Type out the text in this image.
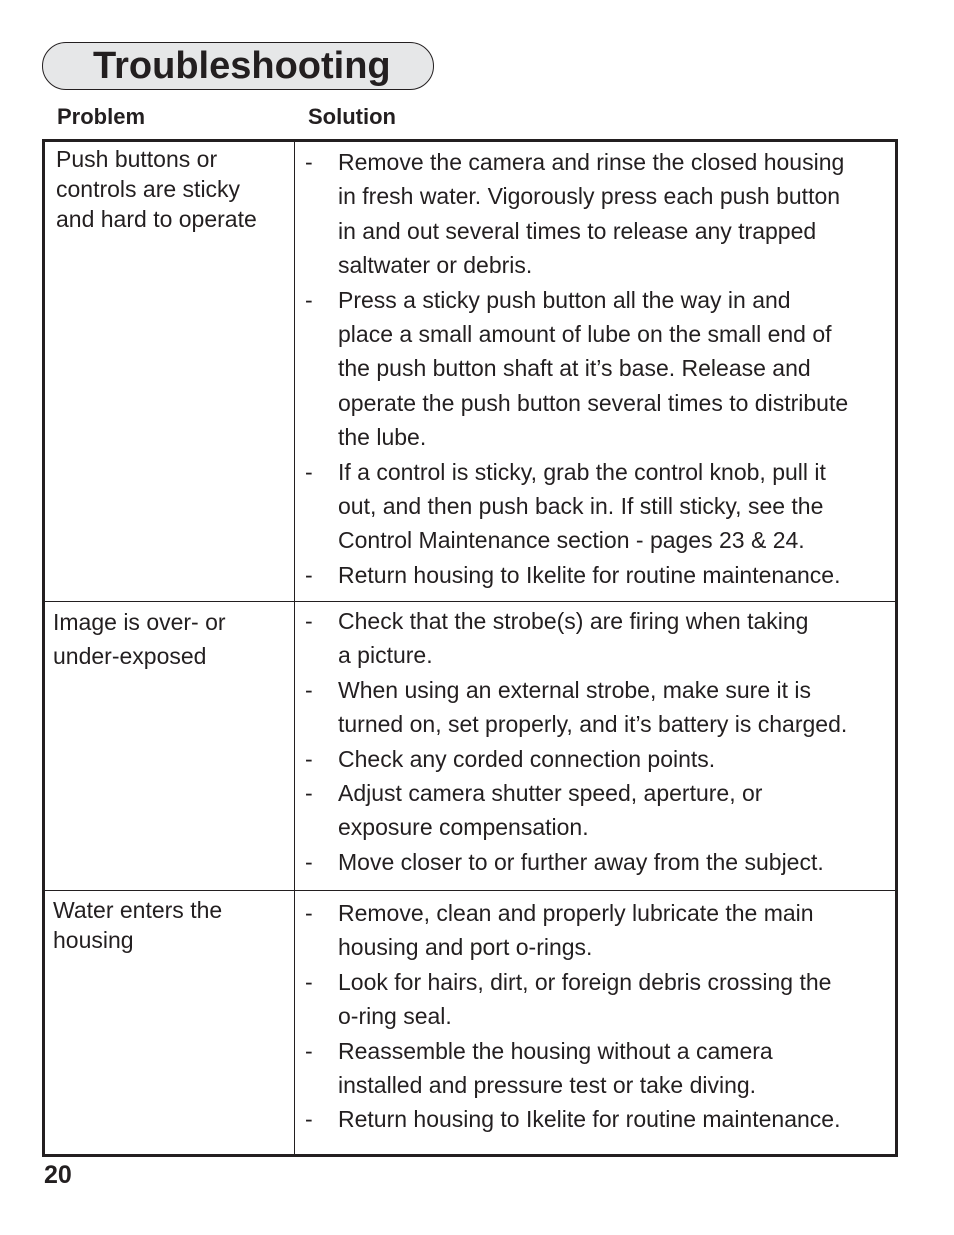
Troubleshooting
Problem	Solution
Push buttons or
controls are sticky
and hard to operate
- Remove the camera and rinse the closed housing
in fresh water. Vigorously press each push button
in and out several times to release any trapped
saltwater or debris.
- Press a sticky push button all the way in and
place a small amount of lube on the small end of
the push button shaft at it’s base. Release and
operate the push button several times to distribute
the lube.
- If a control is sticky, grab the control knob, pull it
out, and then push back in. If still sticky, see the
Control Maintenance section - pages 23 & 24.
- Return housing to Ikelite for routine maintenance.
Image is over- or
under-exposed
- Check that the strobe(s) are firing when taking
a picture.
- When using an external strobe, make sure it is
turned on, set properly, and it’s battery is charged.
- Check any corded connection points.
- Adjust camera shutter speed, aperture, or
exposure compensation.
- Move closer to or further away from the subject.
Water enters the
housing
- Remove, clean and properly lubricate the main
housing and port o-rings.
- Look for hairs, dirt, or foreign debris crossing the
o-ring seal.
- Reassemble the housing without a camera
installed and pressure test or take diving.
- Return housing to Ikelite for routine maintenance.
20
